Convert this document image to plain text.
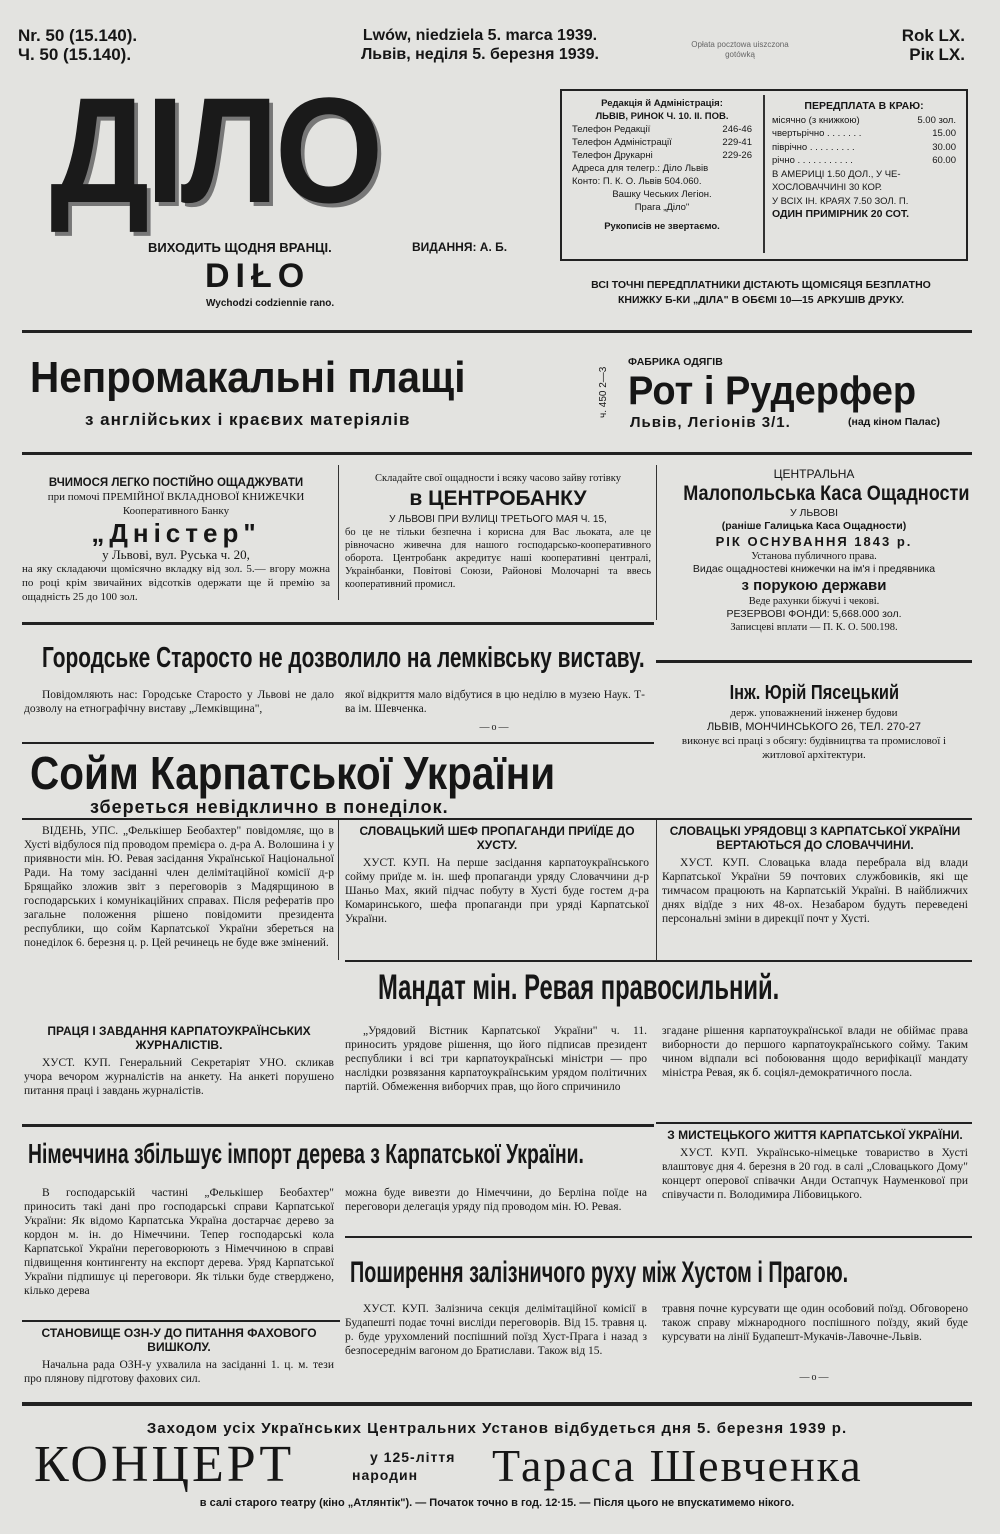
Nr. 50 (15.140).
Ч. 50 (15.140).
Lwów, niedziela 5. marca 1939.
Львів, неділя 5. березня 1939.
Opłata pocztowa uiszczona gotówką
Rok LX.
Рік LX.
ДІЛО
ВИХОДИТЬ ЩОДНЯ ВРАНЦІ.	ВИДАННЯ: А. Б.
DIŁO
Wychodzi codziennie rano.
Редакція й Адміністрація:
ЛЬВІВ, РИНОК Ч. 10. II. ПОВ.
Телефон Редакції	246-46
Телефон Адміністрації	229-41
Телефон Друкарні	229-26
Адреса для телегр.: Діло Львів
Конто: П. К. О. Львів 504.060.
Вашку Чеських Легіон.
Прага „Діло"
Рукописів не звертаємо.
ПЕРЕДПЛАТА В КРАЮ:
місячно (з книжкою)	5.00 зол.
чвертьрічно . . . . . . .	15.00
піврічно . . . . . . . . .	30.00
річно . . . . . . . . . . .	60.00
В АМЕРИЦІ 1.50 ДОЛ., У ЧЕ-
ХОСЛОВАЧЧИНІ 30 КОР.
У ВСІХ ІН. КРАЯХ 7.50 ЗОЛ. П.
ОДИН ПРИМІРНИК 20 СОТ.
ВСІ ТОЧНІ ПЕРЕДПЛАТНИКИ ДІСТАЮТЬ ЩОМІСЯЦЯ БЕЗПЛАТНО
КНИЖКУ Б-КИ „ДІЛА" В ОБЄМІ 10—15 АРКУШІВ ДРУКУ.
Непромакальні плащі
з англійських і краєвих матеріялів
ч. 450 2—3
ФАБРИКА ОДЯГІВ
Рот і Рудерфер
Львів, Легіонів 3/1.	(над кіном Палас)
ВЧИМОСЯ ЛЕГКО ПОСТІЙНО ОЩАДЖУВАТИ
при помочі ПРЕМІЙНОЇ ВКЛАДНОВОЇ КНИЖЕЧКИ
Кооперативного Банку
„Дністер"
у Львові, вул. Руська ч. 20,
на яку складаючи щомісячно вкладку від зол. 5.— вгору можна по році крім звичайних відсотків одержати ще й премію за ощадність 25 до 100 зол.
Складайте свої ощадности і всяку часово зайву готівку
в ЦЕНТРОБАНКУ
У ЛЬВОВІ ПРИ ВУЛИЦІ ТРЕТЬОГО МАЯ Ч. 15,
бо це не тільки безпечна і корисна для Вас льоката, але це рівночасно живечна для нашого господарсько-кооперативного оборота. Центробанк акредитує наші кооперативні централі, Украінбанки, Повітові Союзи, Районові Молочарні та ввесь кооперативний промисл.
ЦЕНТРАЛЬНА
Малопольська Каса Ощадности
У ЛЬВОВІ
(раніше Галицька Каса Ощадности)
РІК ОСНУВАННЯ 1843 р.
Установа публичного права.
Видає ощадностеві книжечки на ім'я і предявника
з порукою держави
Веде рахунки біжучі і чекові.
РЕЗЕРВОВІ ФОНДИ: 5,668.000 зол.
Записцеві вплати — П. К. О. 500.198.
Городське Старосто не дозволило на лемківську виставу.

Повідомляють нас: Городське Старосто у Львові не дало дозволу на етнографічну виставу „Лемківщина",

якої відкриття мало відбутися в цю неділю в музею Наук. Т-ва ім. Шевченка.
—o—
Інж. Юрій Пясецький
держ. уповажнений інженер будови
ЛЬВІВ, МОНЧИНСЬКОГО 26, ТЕЛ. 270-27
виконує всі праці з обсягу: будівництва та промислової і житлової архітектури.
Сойм Карпатської України
збереться невідклично в понеділок.

ВІДЕНЬ, УПС. „Фелькішер Беобахтер" повідомляє, що в Хусті відбулося під проводом премієра о. д-ра А. Волошина і у приявности мін. Ю. Ревая засідання Української Національної Ради. На тому засіданні член делімітаційної комісії д-р Брящайко зложив звіт з переговорів з Мадярщиною в господарських і комунікаційних справах. Після рефератів про загальне положення рішено повідомити президента республики, що сойм Карпатської України збереться на понеділок 6. березня ц. р. Цей речинець не буде вже змінений.

СЛОВАЦЬКИЙ ШЕФ ПРОПАГАНДИ ПРИЇДЕ ДО ХУСТУ.

ХУСТ. КУП. На перше засідання карпатоукраїнського сойму приїде м. ін. шеф пропаганди уряду Словаччини д-р Шаньо Мах, який підчас побуту в Хусті буде гостем д-ра Комаринського, шефа пропаганди при уряді Карпатської України.

СЛОВАЦЬКІ УРЯДОВЦІ З КАРПАТСЬКОЇ УКРАЇНИ ВЕРТАЮТЬСЯ ДО СЛОВАЧЧИНИ.

ХУСТ. КУП. Словацька влада перебрала від влади Карпатської України 59 почтових службовиків, які ще тимчасом працюють на Карпатській Україні. В найближчих днях відїде з них 48-ох. Незабаром будуть переведені персональні зміни в дирекції почт у Хусті.

Мандат мін. Ревая правосильний.

„Урядовий Вістник Карпатської України" ч. 11. приносить урядове рішення, що його підписав президент республики і всі три карпатоукраїнські міністри — про наслідки розвязання карпатоукраїнським урядом політичних партій. Обмеження виборчих прав, що його спричинило

згадане рішення карпатоукраїнської влади не обіймає права виборности до першого карпатоукраїнського сойму. Таким чином відпали всі побоювання щодо верифікації мандату міністра Ревая, як б. соціял-демократичного посла.
ПРАЦЯ І ЗАВДАННЯ КАРПАТОУКРАЇНСЬКИХ ЖУРНАЛІСТІВ.

ХУСТ. КУП. Генеральний Секретаріят УНО. скликав учора вечором журналістів на анкету. На анкеті порушено питання праці і завдань журналістів.

Німеччина збільшує імпорт дерева з Карпатської України.

В господарській частині „Фелькішер Беобахтер" приносить такі дані про господарські справи Карпатської України: Як відомо Карпатська Україна достарчає дерево за кордон м. ін. до Німеччини. Тепер господарські кола Карпатської України переговорюють з Німеччиною в справі підвищення контингенту на експорт дерева. Уряд Карпатської України підпишує ці переговори. Як тільки буде стверджено, кілько дерева

можна буде вивезти до Німеччини, до Берліна поїде на переговори делегація уряду під проводом мін. Ю. Ревая.
З МИСТЕЦЬКОГО ЖИТТЯ КАРПАТСЬКОЇ УКРАЇНИ.

ХУСТ. КУП. Українсько-німецьке товариство в Хусті влаштовує дня 4. березня в 20 год. в салі „Словацького Дому" концерт оперової співачки Анди Остапчук Науменкової при співучасти п. Володимира Лібовицького.

Поширення залізничого руху між Хустом і Прагою.

ХУСТ. КУП. Залізнича секція делімітаційної комісії в Будапешті подає точні висліди переговорів. Від 15. травня ц. р. буде урухомлений поспішний поїзд Хуст-Прага і назад з безпосереднім вагоном до Братислави. Також від 15.

травня почне курсувати ще один особовий поїзд. Обговорено також справу міжнародного поспішного поїзду, який буде курсувати на лінії Будапешт-Мукачів-Лавочне-Львів.
—o—
СТАНОВИЩЕ ОЗН-У ДО ПИТАННЯ ФАХОВОГО ВИШКОЛУ.

Начальна рада ОЗН-у ухвалила на засіданні 1. ц. м. тези про плянову підготову фахових сил.

Заходом усіх Українських Центральних Установ відбудеться дня 5. березня 1939 р.
КОНЦЕРТ	у 125-ліття
народин	Тараса Шевченка
в салі старого театру (кіно „Атлянтік"). — Початок точно в год. 12·15. — Після цього не впускатимемо нікого.
